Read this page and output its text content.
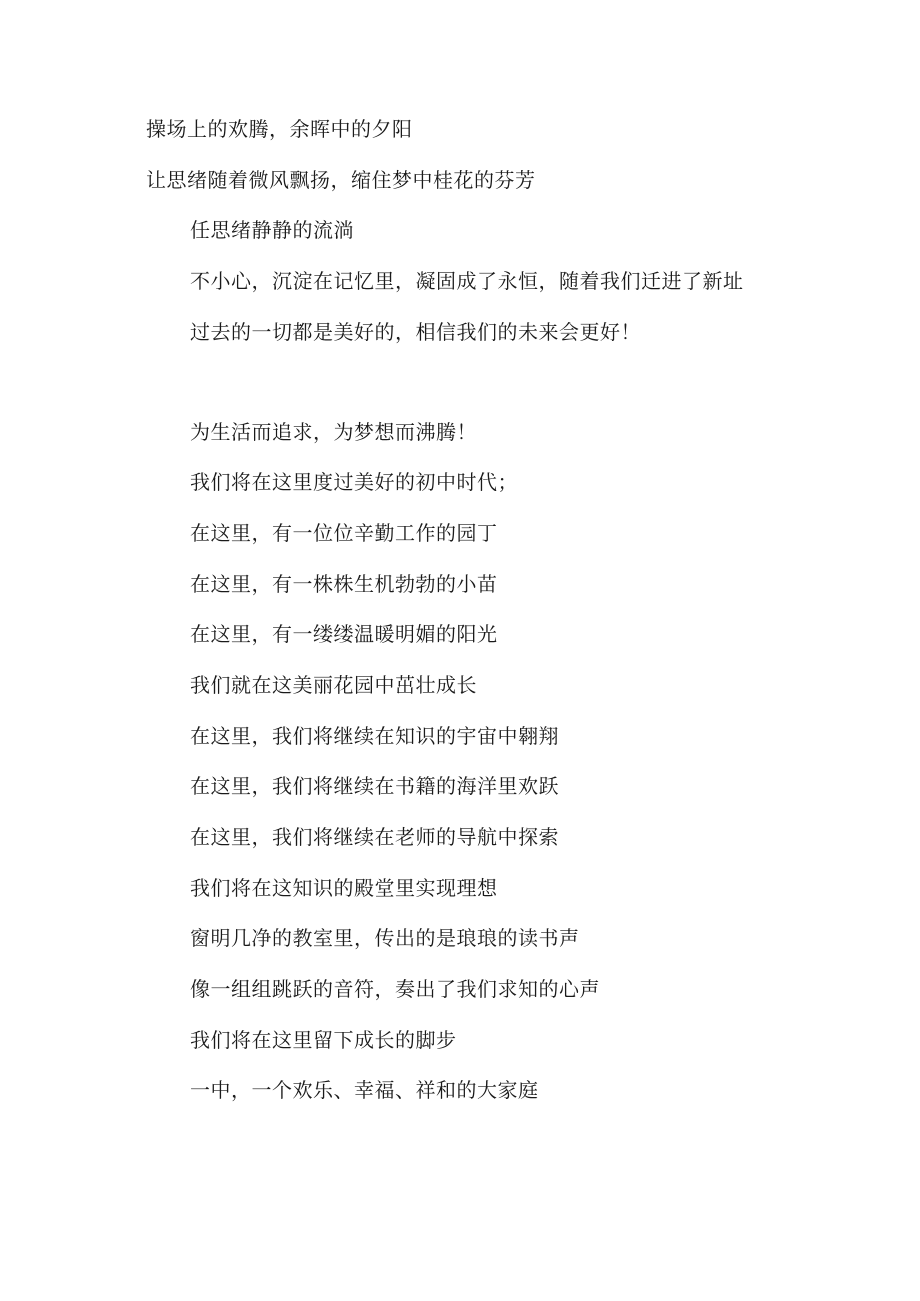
操场上的欢腾，余晖中的夕阳
让思绪随着微风飘扬，缩住梦中桂花的芬芳
任思绪静静的流淌
不小心，沉淀在记忆里，凝固成了永恒，随着我们迁进了新址
过去的一切都是美好的，相信我们的未来会更好！
为生活而追求，为梦想而沸腾！
我们将在这里度过美好的初中时代；
在这里，有一位位辛勤工作的园丁
在这里，有一株株生机勃勃的小苗
在这里，有一缕缕温暖明媚的阳光
我们就在这美丽花园中茁壮成长
在这里，我们将继续在知识的宇宙中翱翔
在这里，我们将继续在书籍的海洋里欢跃
在这里，我们将继续在老师的导航中探索
我们将在这知识的殿堂里实现理想
窗明几净的教室里，传出的是琅琅的读书声
像一组组跳跃的音符，奏出了我们求知的心声
我们将在这里留下成长的脚步
一中，一个欢乐、幸福、祥和的大家庭
